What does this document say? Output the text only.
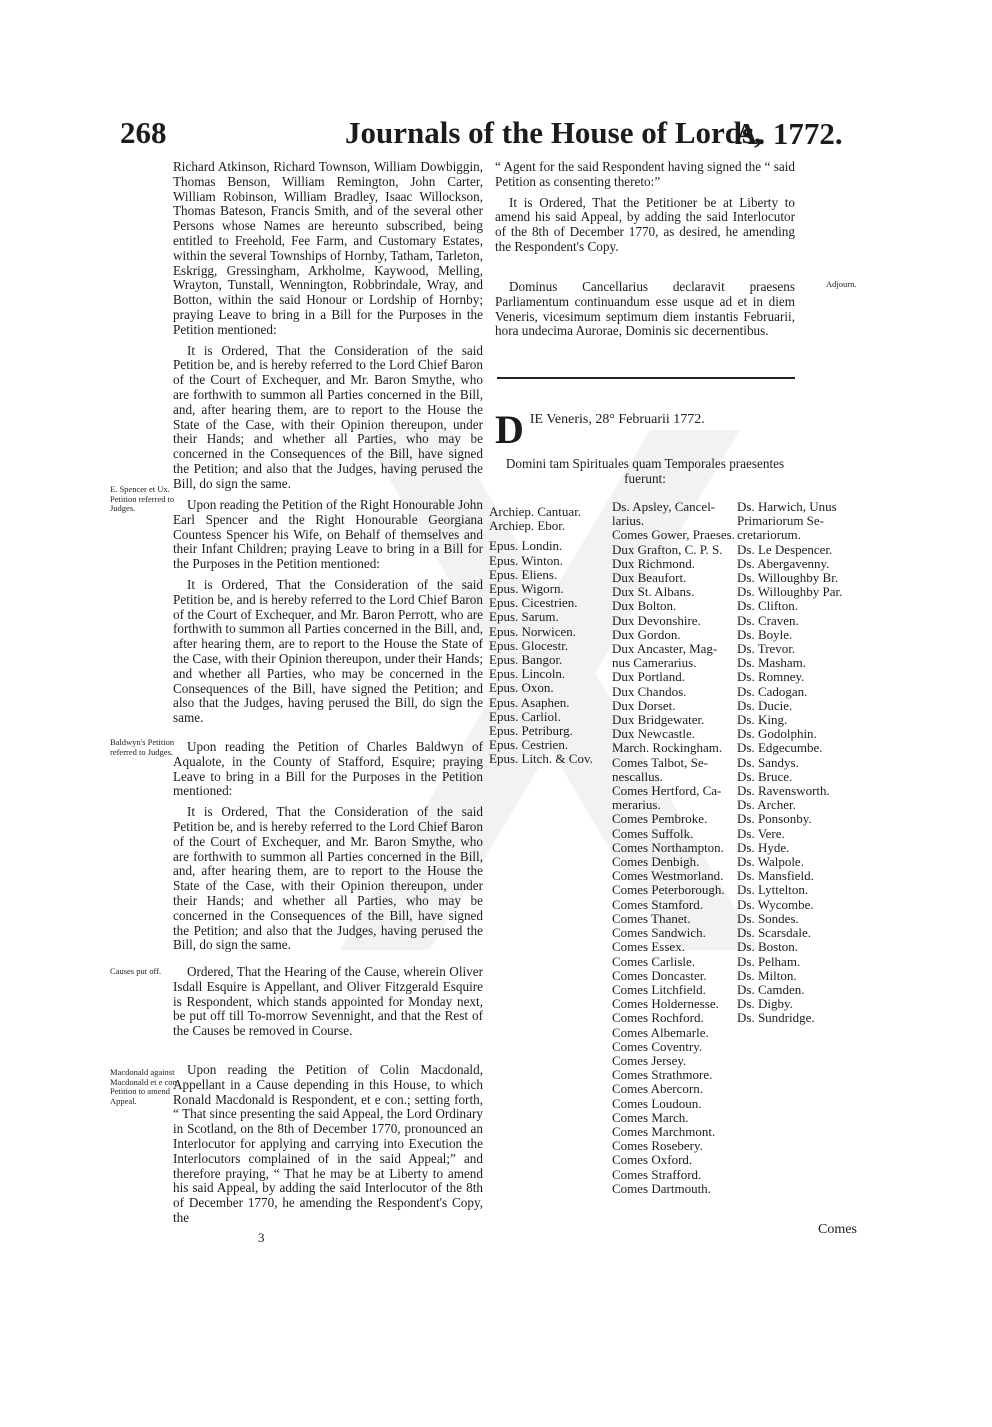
268	Journals of the House of Lords,
A. 1772.

Richard Atkinson, Richard Townson, William Dowbiggin, Thomas Benson, William Remington, John Carter, William Robinson, William Bradley, Isaac Willockson, Thomas Bateson, Francis Smith, and of the several other Persons whose Names are hereunto subscribed, being entitled to Freehold, Fee Farm, and Customary Estates, within the several Townships of Hornby, Tatham, Tarleton, Eskrigg, Gressingham, Arkholme, Kaywood, Melling, Wrayton, Tunstall, Wennington, Robbrindale, Wray, and Botton, within the said Honour or Lordship of Hornby; praying Leave to bring in a Bill for the Purposes in the Petition mentioned:

It is Ordered, That the Consideration of the said Petition be, and is hereby referred to the Lord Chief Baron of the Court of Exchequer, and Mr. Baron Smythe, who are forthwith to summon all Parties concerned in the Bill, and, after hearing them, are to report to the House the State of the Case, with their Opinion thereupon, under their Hands; and whether all Parties, who may be concerned in the Consequences of the Bill, have signed the Petition; and also that the Judges, having perused the Bill, do sign the same.

E. Spencer et Ux. Petition referred to Judges.	Upon reading the Petition of the Right Honourable John Earl Spencer and the Right Honourable Georgiana Countess Spencer his Wife, on Behalf of themselves and their Infant Children; praying Leave to bring in a Bill for the Purposes in the Petition mentioned:

It is Ordered, That the Consideration of the said Petition be, and is hereby referred to the Lord Chief Baron of the Court of Exchequer, and Mr. Baron Perrott, who are forthwith to summon all Parties concerned in the Bill, and, after hearing them, are to report to the House the State of the Case, with their Opinion thereupon, under their Hands; and whether all Parties, who may be concerned in the Consequences of the Bill, have signed the Petition; and also that the Judges, having perused the Bill, do sign the same.

Baldwyn's Petition referred to Judges.	Upon reading the Petition of Charles Baldwyn of Aqualote, in the County of Stafford, Esquire; praying Leave to bring in a Bill for the Purposes in the Petition mentioned:

It is Ordered, That the Consideration of the said Petition be, and is hereby referred to the Lord Chief Baron of the Court of Exchequer, and Mr. Baron Smythe, who are forthwith to summon all Parties concerned in the Bill, and, after hearing them, are to report to the House the State of the Case, with their Opinion thereupon, under their Hands; and whether all Parties, who may be concerned in the Consequences of the Bill, have signed the Petition; and also that the Judges, having perused the Bill, do sign the same.

Causes put off.	Ordered, That the Hearing of the Cause, wherein Oliver Isdall Esquire is Appellant, and Oliver Fitzgerald Esquire is Respondent, which stands appointed for Monday next, be put off till To-morrow Sevennight, and that the Rest of the Causes be removed in Course.

Macdonald against Macdonald et e con Petition to amend Appeal.

Upon reading the Petition of Colin Macdonald, Appellant in a Cause depending in this House, to which Ronald Macdonald is Respondent, et e con.; setting forth, “ That since presenting the said Appeal, the Lord Ordinary in Scotland, on the 8th of December 1770, pronounced an Interlocutor for applying and carrying into Execution the Interlocutors complained of in the said Appeal;” and therefore praying, “ That he may be at Liberty to amend his said Appeal, by adding the said Interlocutor of the 8th of December 1770, he amending the Respondent's Copy, the

“ Agent for the said Respondent having signed the “ said Petition as consenting thereto:”

It is Ordered, That the Petitioner be at Liberty to amend his said Appeal, by adding the said Interlocutor of the 8th of December 1770, as desired, he amending the Respondent's Copy.

Dominus Cancellarius declaravit praesens Parliamentum continuandum esse usque ad et in diem Veneris, vicesimum septimum diem instantis Februarii, hora undecima Aurorae, Dominis sic decernentibus.

Adjourn.
D IE Veneris, 28° Februarii 1772.
Domini tam Spirituales quam Temporales praesentes
fuerunt:
Archiep. Cantuar.
Archiep. Ebor.
Epus. Londin.
Epus. Winton.
Epus. Eliens.
Epus. Wigorn.
Epus. Cicestrien.
Epus. Sarum.
Epus. Norwicen.
Epus. Glocestr.
Epus. Bangor.
Epus. Lincoln.
Epus. Oxon.
Epus. Asaphen.
Epus. Carliol.
Epus. Petriburg.
Epus. Cestrien.
Epus. Litch. & Cov.
Ds. Apsley, Cancel-
larius.
Comes Gower, Praeses.
Dux Grafton, C. P. S.
Dux Richmond.
Dux Beaufort.
Dux St. Albans.
Dux Bolton.
Dux Devonshire.
Dux Gordon.
Dux Ancaster, Mag-
nus Camerarius.
Dux Portland.
Dux Chandos.
Dux Dorset.
Dux Bridgewater.
Dux Newcastle.
March. Rockingham.
Comes Talbot, Se-
nescallus.
Comes Hertford, Ca-
merarius.
Comes Pembroke.
Comes Suffolk.
Comes Northampton.
Comes Denbigh.
Comes Westmorland.
Comes Peterborough.
Comes Stamford.
Comes Thanet.
Comes Sandwich.
Comes Essex.
Comes Carlisle.
Comes Doncaster.
Comes Litchfield.
Comes Holdernesse.
Comes Rochford.
Comes Albemarle.
Comes Coventry.
Comes Jersey.
Comes Strathmore.
Comes Abercorn.
Comes Loudoun.
Comes March.
Comes Marchmont.
Comes Rosebery.
Comes Oxford.
Comes Strafford.
Comes Dartmouth.
Ds. Harwich, Unus
Primariorum Se-
cretariorum.
Ds. Le Despencer.
Ds. Abergavenny.
Ds. Willoughby Br.
Ds. Willoughby Par.
Ds. Clifton.
Ds. Craven.
Ds. Boyle.
Ds. Trevor.
Ds. Masham.
Ds. Romney.
Ds. Cadogan.
Ds. Ducie.
Ds. King.
Ds. Godolphin.
Ds. Edgecumbe.
Ds. Sandys.
Ds. Bruce.
Ds. Ravensworth.
Ds. Archer.
Ds. Ponsonby.
Ds. Vere.
Ds. Hyde.
Ds. Walpole.
Ds. Mansfield.
Ds. Lyttelton.
Ds. Wycombe.
Ds. Sondes.
Ds. Scarsdale.
Ds. Boston.
Ds. Pelham.
Ds. Milton.
Ds. Camden.
Ds. Digby.
Ds. Sundridge.
3
Comes
